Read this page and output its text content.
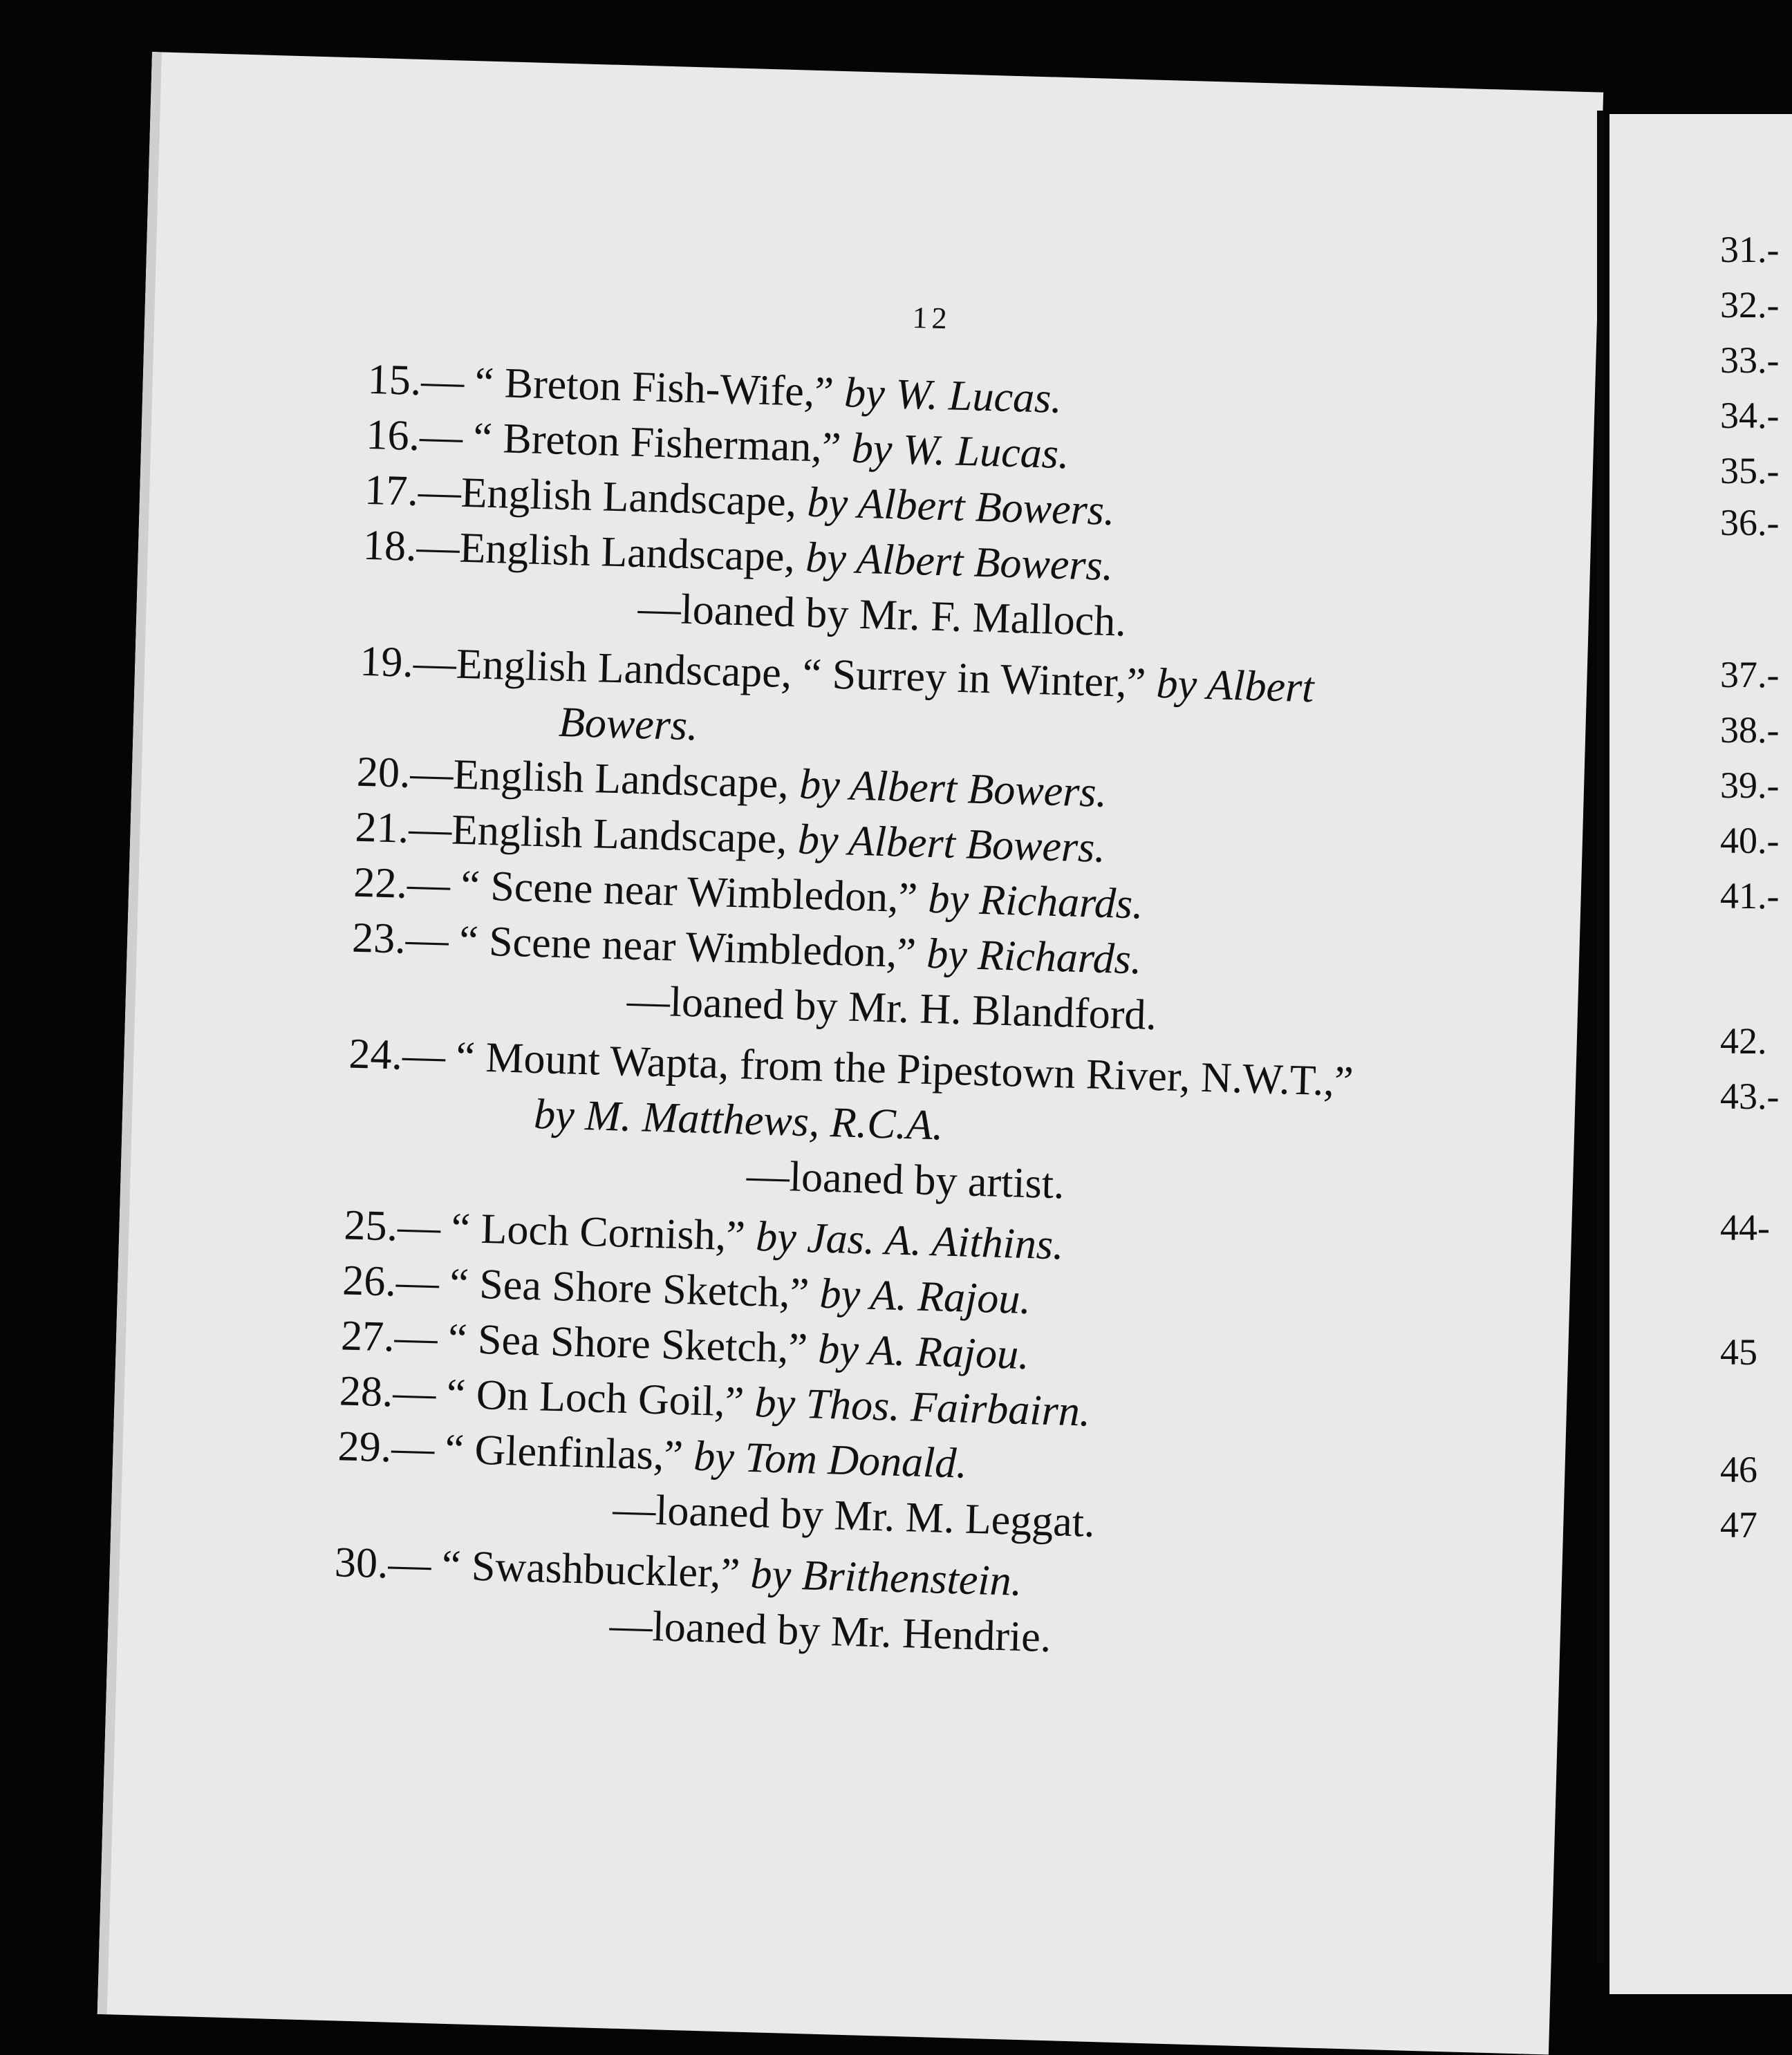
12
15.— “ Breton Fish-Wife,” by W. Lucas.
16.— “ Breton Fisherman,” by W. Lucas.
17.—English Landscape, by Albert Bowers.
18.—English Landscape, by Albert Bowers.
—loaned by Mr. F. Malloch.
19.—English Landscape, “ Surrey in Winter,” by Albert
Bowers.
20.—English Landscape, by Albert Bowers.
21.—English Landscape, by Albert Bowers.
22.— “ Scene near Wimbledon,” by Richards.
23.— “ Scene near Wimbledon,” by Richards.
—loaned by Mr. H. Blandford.
24.— “ Mount Wapta, from the Pipestown River, N.W.T.,”
by M. Matthews, R.C.A.
—loaned by artist.
25.— “ Loch Cornish,” by Jas. A. Aithins.
26.— “ Sea Shore Sketch,” by A. Rajou.
27.— “ Sea Shore Sketch,” by A. Rajou.
28.— “ On Loch Goil,” by Thos. Fairbairn.
29.— “ Glenfinlas,” by Tom Donald.
—loaned by Mr. M. Leggat.
30.— “ Swashbuckler,” by Brithenstein.
—loaned by Mr. Hendrie.
31.-
32.-
33.-
34.-
35.-
36.-
37.-
38.-
39.-
40.-
41.-
42.
43.-
44-
45
46
47
